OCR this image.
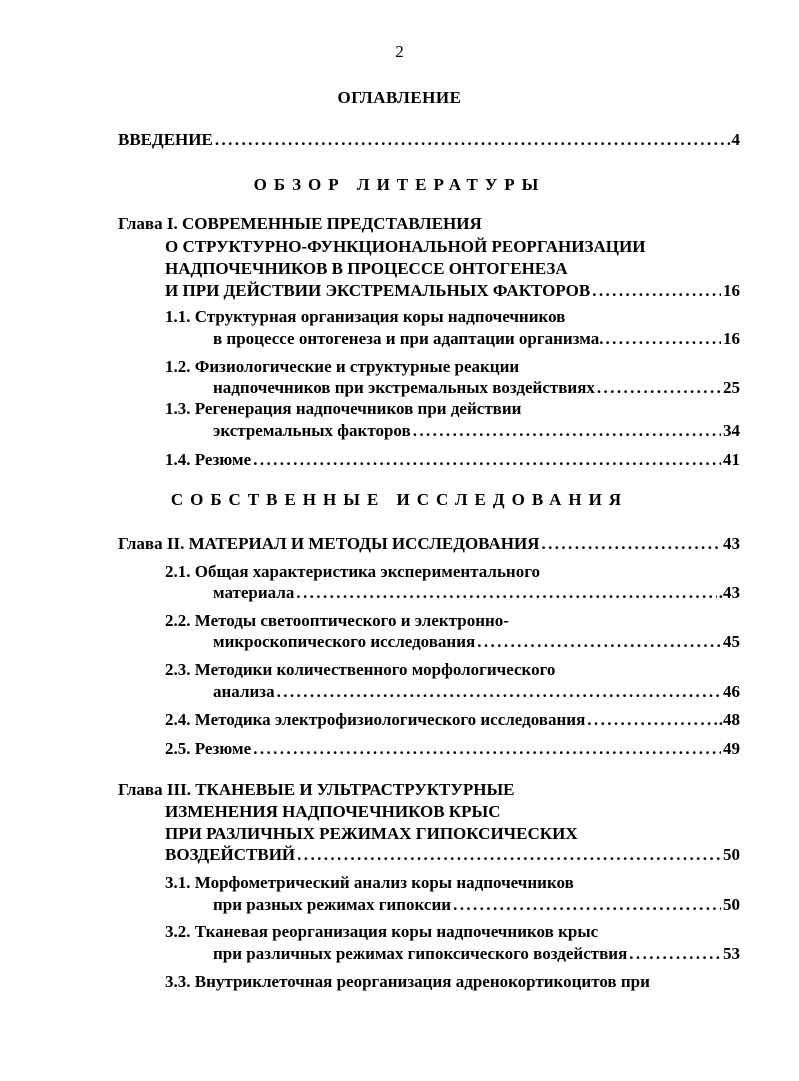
2
ОГЛАВЛЕНИЕ
ВВЕДЕНИЕ .....	4
ОБЗОР ЛИТЕРАТУРЫ
Глава I. СОВРЕМЕННЫЕ ПРЕДСТАВЛЕНИЯ
О СТРУКТУРНО-ФУНКЦИОНАЛЬНОЙ РЕОРГАНИЗАЦИИ
НАДПОЧЕЧНИКОВ В ПРОЦЕССЕ ОНТОГЕНЕЗА
И ПРИ ДЕЙСТВИИ ЭКСТРЕМАЛЬНЫХ ФАКТОРОВ .....	16
1.1. Структурная организация коры надпочечников
в процессе онтогенеза и при адаптации организма. .....	16
1.2. Физиологические и структурные реакции
надпочечников при экстремальных воздействиях .....	25
1.3. Регенерация надпочечников при действии
экстремальных факторов .....	34
1.4. Резюме .....	41
СОБСТВЕННЫЕ ИССЛЕДОВАНИЯ
Глава II. МАТЕРИАЛ И МЕТОДЫ ИССЛЕДОВАНИЯ .....	43
2.1. Общая характеристика экспериментального
материала .....	.43
2.2. Методы светооптического и электронно-
микроскопического исследования .....	45
2.3. Методики количественного морфологического
анализа .....	46
2.4. Методика электрофизиологического исследования .....	.48
2.5. Резюме .....	49
Глава III. ТКАНЕВЫЕ И УЛЬТРАСТРУКТУРНЫЕ
ИЗМЕНЕНИЯ НАДПОЧЕЧНИКОВ КРЫС
ПРИ РАЗЛИЧНЫХ РЕЖИМАХ ГИПОКСИЧЕСКИХ
ВОЗДЕЙСТВИЙ .....	50
3.1. Морфометрический анализ коры надпочечников
при разных режимах гипоксии .....	50
3.2. Тканевая реорганизация коры надпочечников крыс
при различных режимах гипоксического воздействия .....	53
3.3. Внутриклеточная реорганизация адренокортикоцитов при
